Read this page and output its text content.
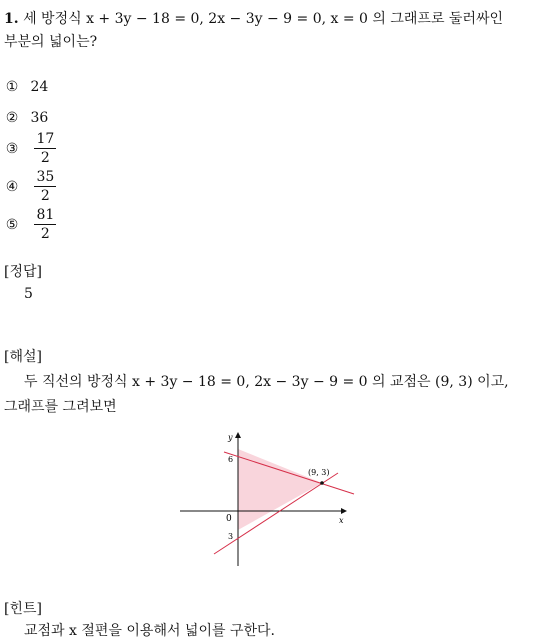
1. 세 방정식 x + 3y − 18 = 0, 2x − 3y − 9 = 0, x = 0 의 그래프로 둘러싸인
부분의 넓이는?
① 24
② 36
③ $\frac{17}{2}$
④ $\frac{35}{2}$
⑤ $\frac{81}{2}$
[정답]
5
[해설]
두 직선의 방정식 x + 3y − 18 = 0, 2x − 3y − 9 = 0 의 교점은 (9, 3) 이고,
그래프를 그려보면
y
x
0
6
3
(9, 3)
[힌트]
교점과 x 절편을 이용해서 넓이를 구한다.
